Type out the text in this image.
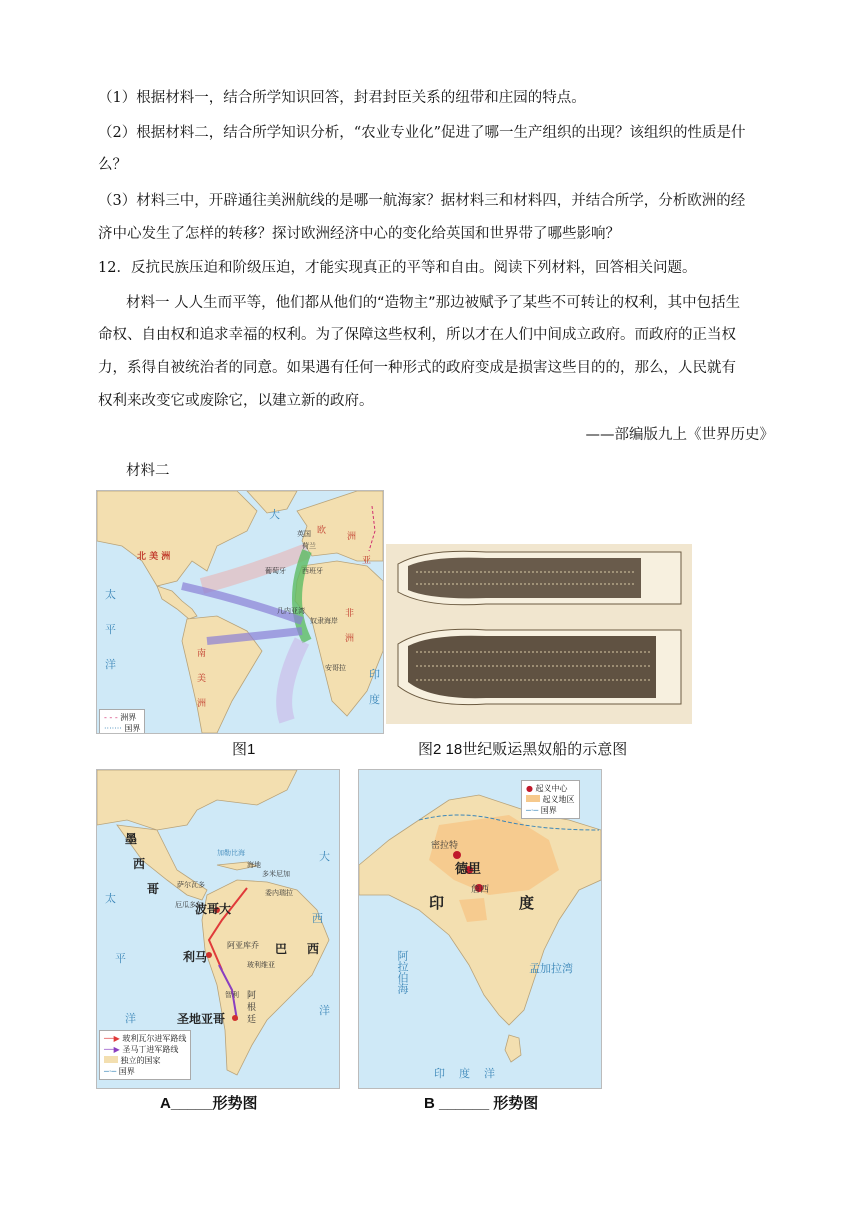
（1）根据材料一，结合所学知识回答，封君封臣关系的纽带和庄园的特点。
（2）根据材料二，结合所学知识分析，“农业专业化”促进了哪一生产组织的出现？该组织的性质是什
么？
（3）材料三中，开辟通往美洲航线的是哪一航海家？据材料三和材料四，并结合所学，分析欧洲的经
济中心发生了怎样的转移？探讨欧洲经济中心的变化给英国和世界带了哪些影响？
12．反抗民族压迫和阶级压迫，才能实现真正的平等和自由。阅读下列材料，回答相关问题。
材料一 人人生而平等，他们都从他们的“造物主”那边被赋予了某些不可转让的权利，其中包括生
命权、自由权和追求幸福的权利。为了保障这些权利，所以才在人们中间成立政府。而政府的正当权
力，系得自被统治者的同意。如果遇有任何一种形式的政府变成是损害这些目的的，那么，人民就有
权利来改变它或废除它，以建立新的政府。
——部编版九上《世界历史》
材料二
北 美 洲
南
美
洲
非
洲
欧
洲
亚
大
太
平
洋
印
度
葡萄牙 西班牙
荷兰
英国
几内亚湾
奴隶海岸
安哥拉
- - - 洲界
······· 国界
图1	图2 18世纪贩运黑奴船的示意图
墨
西
哥
加勒比海
海地
多米尼加
委内瑞拉
萨尔瓦多
厄瓜多尔
波哥大
利马
圣地亚哥
阿亚库乔
玻利维亚
巴 西
阿
根
廷
智利
太
平
洋
大
西
洋
──▶ 玻利瓦尔进军路线
──▶ 圣马丁进军路线
独立的国家
─·─ 国界
A_____形势图
密拉特
德里
詹西
印	度
阿拉伯海	孟加拉湾
印度洋
● 起义中心
起义地区
─·─ 国界
B ______ 形势图
